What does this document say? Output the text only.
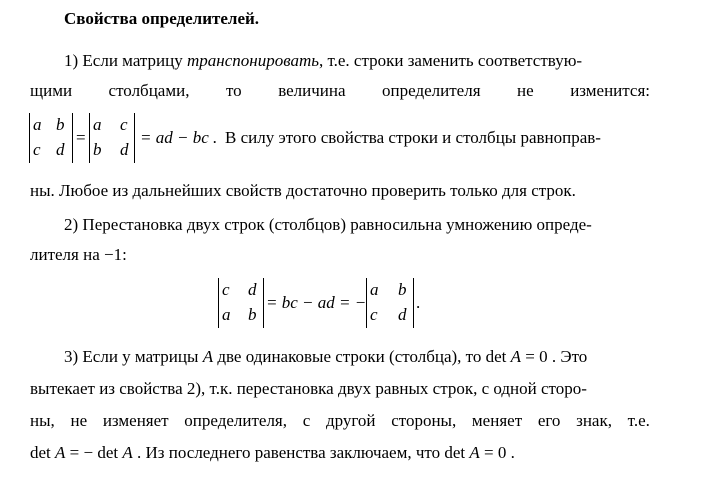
Свойства определителей.
1) Если матрицу транспонировать, т.е. строки заменить соответствую-
щими столбцами, то величина определителя не изменится:
a b
c d
=
a c
b d
= ad − bc . В силу этого свойства строки и столбцы равноправ-
ны. Любое из дальнейших свойств достаточно проверить только для строк.
2) Перестановка двух строк (столбцов) равносильна умножению опреде-
лителя на −1:
c d
a b
= bc − ad = −
a b
c d
.
3) Если у матрицы A две одинаковые строки (столбца), то det A = 0 . Это
вытекает из свойства 2), т.к. перестановка двух равных строк, с одной сторо-
ны, не изменяет определителя, с другой стороны, меняет его знак, т.е.
det A = − det A . Из последнего равенства заключаем, что det A = 0 .
